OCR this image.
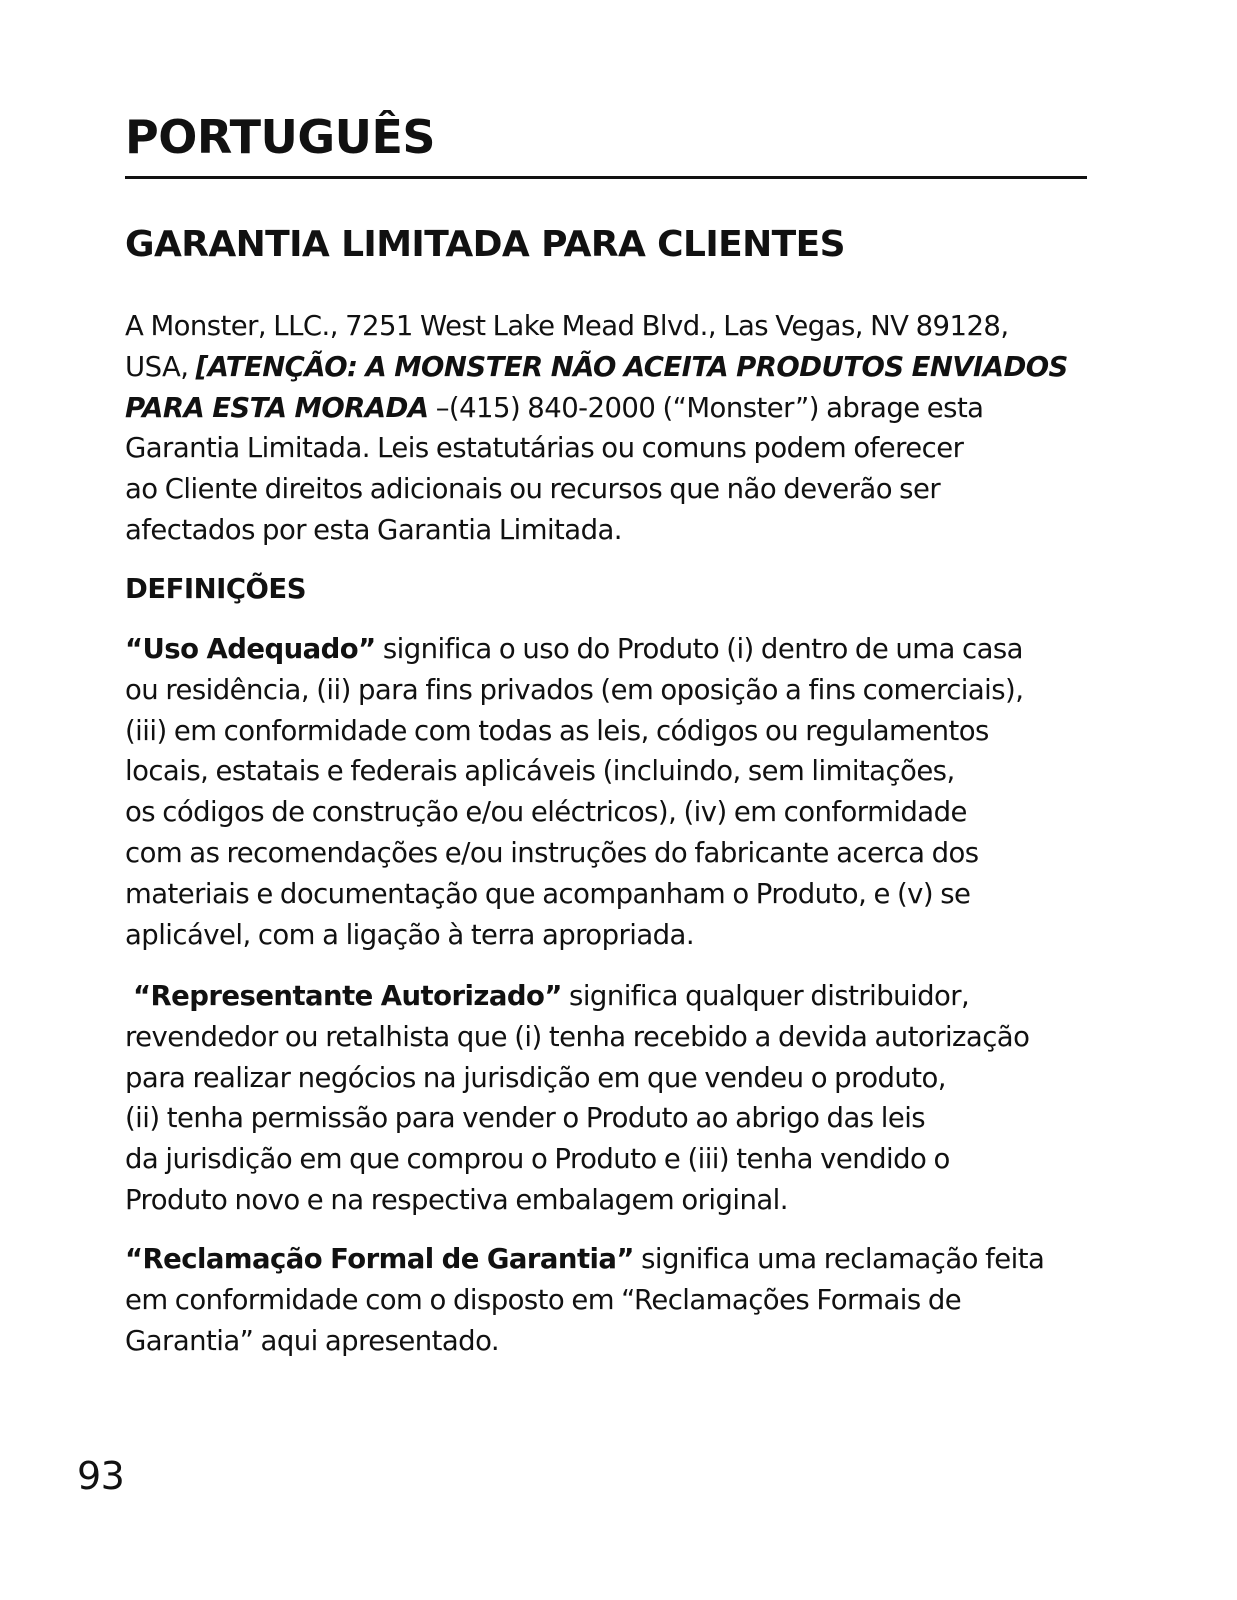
PORTUGUÊS
GARANTIA LIMITADA PARA CLIENTES

A Monster, LLC., 7251 West Lake Mead Blvd., Las Vegas, NV 89128,
USA, [ATENÇÃO: A MONSTER NÃO ACEITA PRODUTOS ENVIADOS
PARA ESTA MORADA –(415) 840-2000 (“Monster”) abrage esta
Garantia Limitada. Leis estatutárias ou comuns podem oferecer
ao Cliente direitos adicionais ou recursos que não deverão ser
afectados por esta Garantia Limitada.

DEFINIÇÕES

“Uso Adequado” significa o uso do Produto (i) dentro de uma casa
ou residência, (ii) para fins privados (em oposição a fins comerciais),
(iii) em conformidade com todas as leis, códigos ou regulamentos
locais, estatais e federais aplicáveis (incluindo, sem limitações,
os códigos de construção e/ou eléctricos), (iv) em conformidade
com as recomendações e/ou instruções do fabricante acerca dos
materiais e documentação que acompanham o Produto, e (v) se
aplicável, com a ligação à terra apropriada.

“Representante Autorizado” significa qualquer distribuidor,
revendedor ou retalhista que (i) tenha recebido a devida autorização
para realizar negócios na jurisdição em que vendeu o produto,
(ii) tenha permissão para vender o Produto ao abrigo das leis
da jurisdição em que comprou o Produto e (iii) tenha vendido o
Produto novo e na respectiva embalagem original.

“Reclamação Formal de Garantia” significa uma reclamação feita
em conformidade com o disposto em “Reclamações Formais de
Garantia” aqui apresentado.

93
